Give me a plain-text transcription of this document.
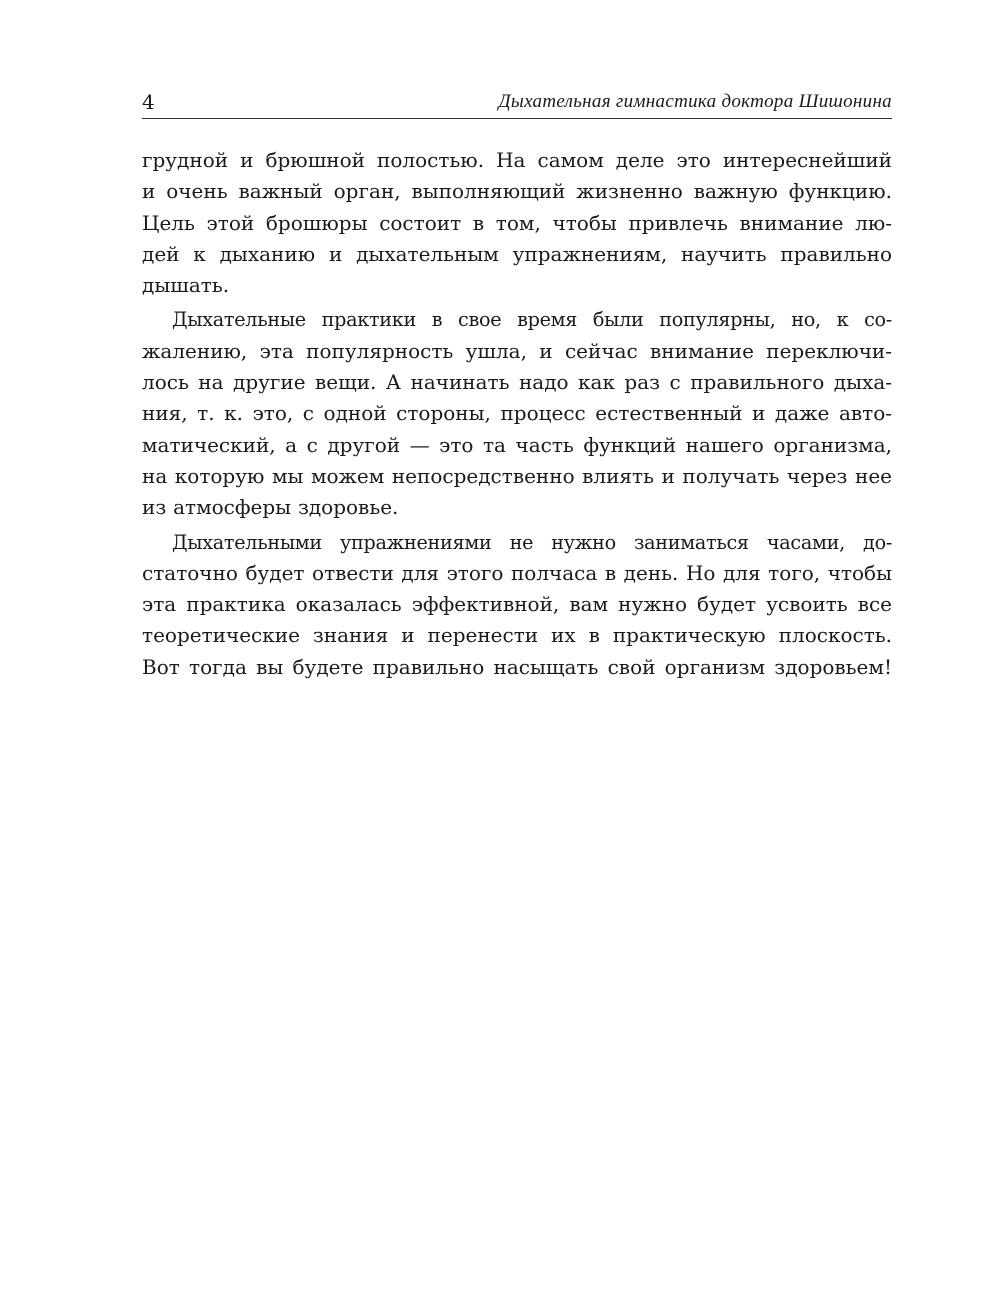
4	Дыхательная гимнастика доктора Шишонина

грудной и брюшной полостью. На самом деле это интереснейший
и очень важный орган, выполняющий жизненно важную функцию.
Цель этой брошюры состоит в том, чтобы привлечь внимание лю-
дей к дыханию и дыхательным упражнениям, научить правильно
дышать.

Дыхательные практики в свое время были популярны, но, к со-
жалению, эта популярность ушла, и сейчас внимание переключи-
лось на другие вещи. А начинать надо как раз с правильного дыха-
ния, т. к. это, с одной стороны, процесс естественный и даже авто-
матический, а с другой — это та часть функций нашего организма,
на которую мы можем непосредственно влиять и получать через нее
из атмосферы здоровье.

Дыхательными упражнениями не нужно заниматься часами, до-
статочно будет отвести для этого полчаса в день. Но для того, чтобы
эта практика оказалась эффективной, вам нужно будет усвоить все
теоретические знания и перенести их в практическую плоскость.
Вот тогда вы будете правильно насыщать свой организм здоровьем!
